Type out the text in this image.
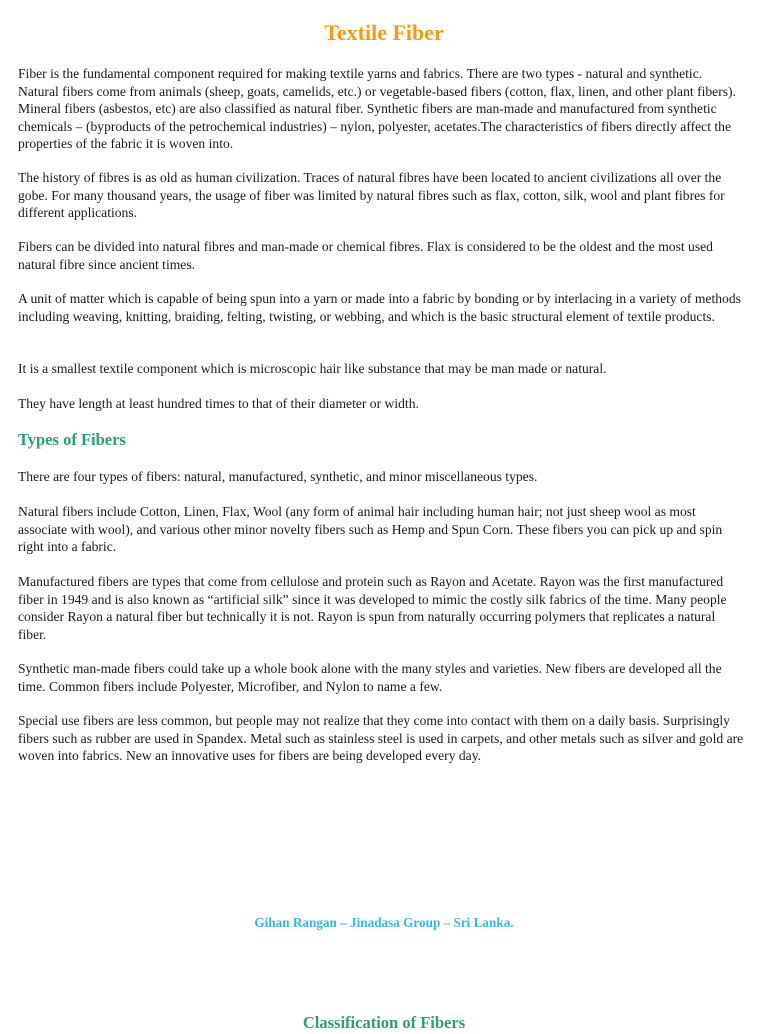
Textile Fiber

Fiber is the fundamental component required for making textile yarns and fabrics. There are two types - natural and synthetic. Natural fibers come from animals (sheep, goats, camelids, etc.) or vegetable-based fibers (cotton, flax, linen, and other plant fibers). Mineral fibers (asbestos, etc) are also classified as natural fiber. Synthetic fibers are man-made and manufactured from synthetic chemicals – (byproducts of the petrochemical industries) – nylon, polyester, acetates.The characteristics of fibers directly affect the properties of the fabric it is woven into.

The history of fibres is as old as human civilization. Traces of natural fibres have been located to ancient civilizations all over the gobe. For many thousand years, the usage of fiber was limited by natural fibres such as flax, cotton, silk, wool and plant fibres for different applications.

Fibers can be divided into natural fibres and man-made or chemical fibres. Flax is considered to be the oldest and the most used natural fibre since ancient times.

A unit of matter which is capable of being spun into a yarn or made into a fabric by bonding or by interlacing in a variety of methods including weaving, knitting, braiding, felting, twisting, or webbing, and which is the basic structural element of textile products.

It is a smallest textile component which is microscopic hair like substance that may be man made or natural.

They have length at least hundred times to that of their diameter or width.

Types of Fibers

There are four types of fibers: natural, manufactured, synthetic, and minor miscellaneous types.

Natural fibers include Cotton, Linen, Flax, Wool (any form of animal hair including human hair; not just sheep wool as most associate with wool), and various other minor novelty fibers such as Hemp and Spun Corn. These fibers you can pick up and spin right into a fabric.

Manufactured fibers are types that come from cellulose and protein such as Rayon and Acetate. Rayon was the first manufactured fiber in 1949 and is also known as “artificial silk” since it was developed to mimic the costly silk fabrics of the time. Many people consider Rayon a natural fiber but technically it is not. Rayon is spun from naturally occurring polymers that replicates a natural fiber.

Synthetic man-made fibers could take up a whole book alone with the many styles and varieties. New fibers are developed all the time. Common fibers include Polyester, Microfiber, and Nylon to name a few.

Special use fibers are less common, but people may not realize that they come into contact with them on a daily basis. Surprisingly fibers such as rubber are used in Spandex. Metal such as stainless steel is used in carpets, and other metals such as silver and gold are woven into fabrics. New an innovative uses for fibers are being developed every day.

Gihan Rangan – Jinadasa Group – Sri Lanka.

Classification of Fibers
